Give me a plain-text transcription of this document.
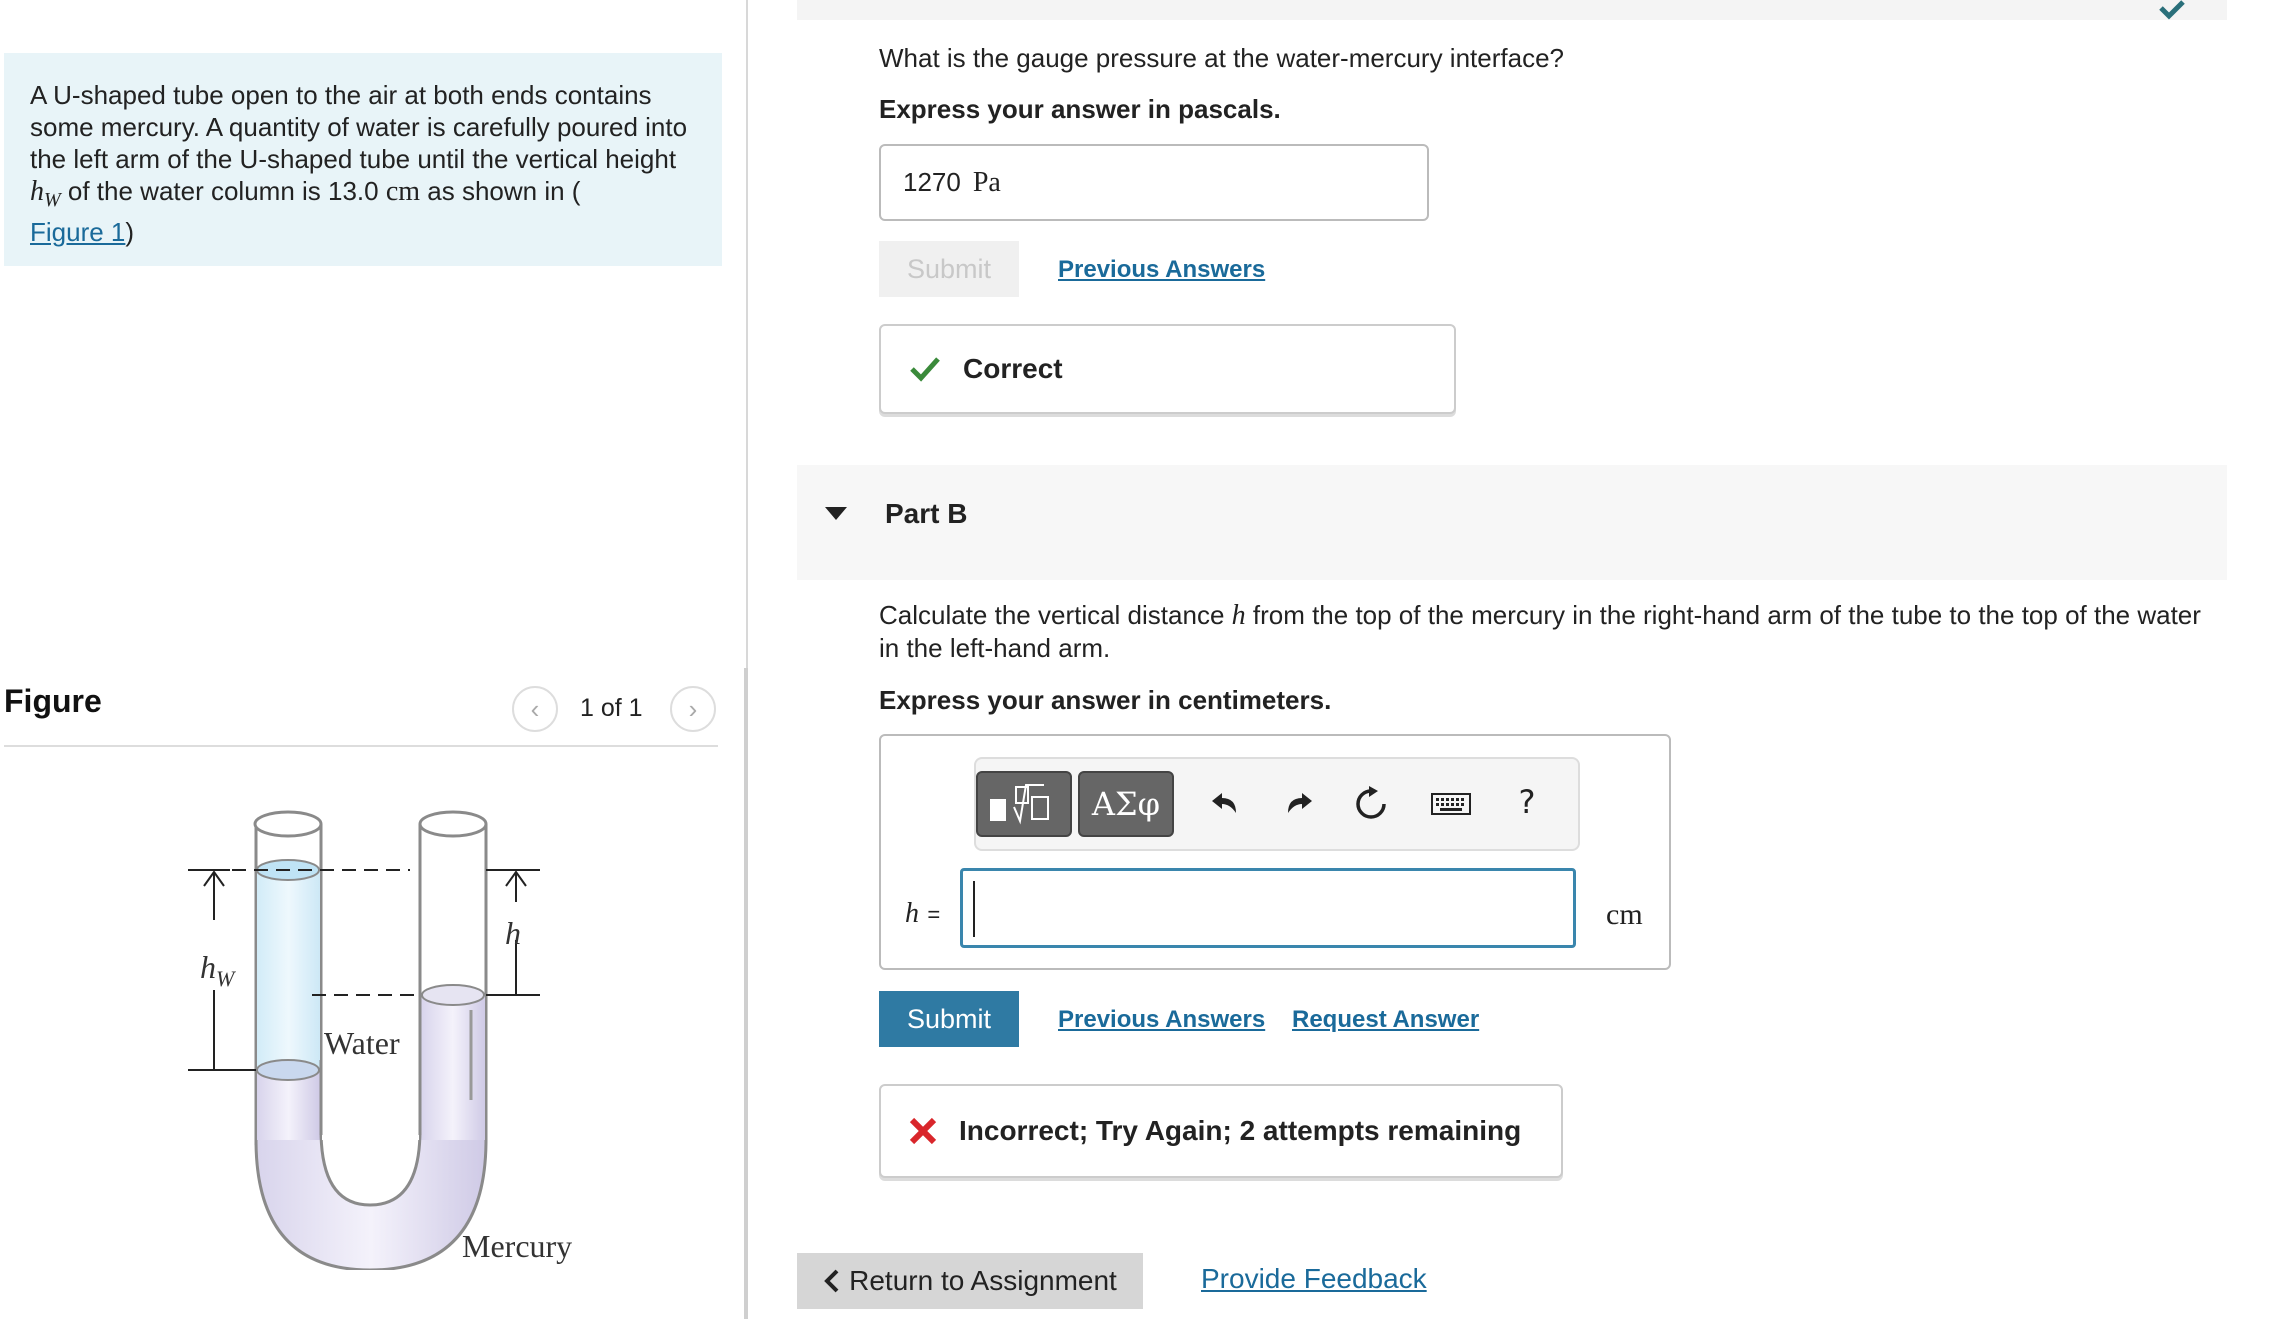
A U-shaped tube open to the air at both ends contains some mercury. A quantity of water is carefully poured into the left arm of the U-shaped tube until the vertical height $h_W$ of the water column is 13.0 cm as shown in (
Figure 1)
Figure	‹ 1 of 1 ›
$h_W$
h
Water
Mercury
What is the gauge pressure at the water-mercury interface?
Express your answer in pascals.
1270 Pa
Submit	Previous Answers
Correct
Part B
Calculate the vertical distance h from the top of the mercury in the right-hand arm of the tube to the top of the water in the left-hand arm.
Express your answer in centimeters.
ΑΣφ	?
h =	cm
Submit	Previous Answers Request Answer
Incorrect; Try Again; 2 attempts remaining
Return to Assignment	Provide Feedback
